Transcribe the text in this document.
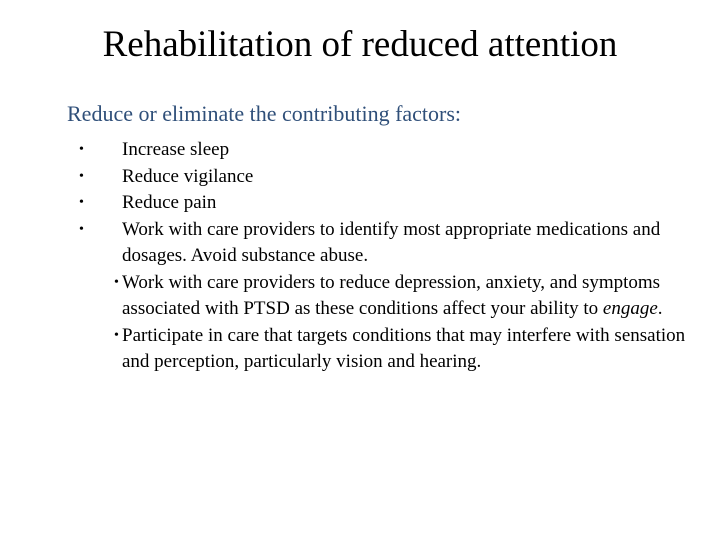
Rehabilitation of reduced attention
Reduce or eliminate the contributing factors:
•	Increase sleep
•	Reduce vigilance
•	Reduce pain
•	Work with care providers to identify most appropriate medications and dosages. Avoid substance abuse.
• Work with care providers to reduce depression, anxiety, and symptoms associated with PTSD as these conditions affect your ability to engage.
• Participate in care that targets conditions that may interfere with sensation and perception, particularly vision and hearing.
